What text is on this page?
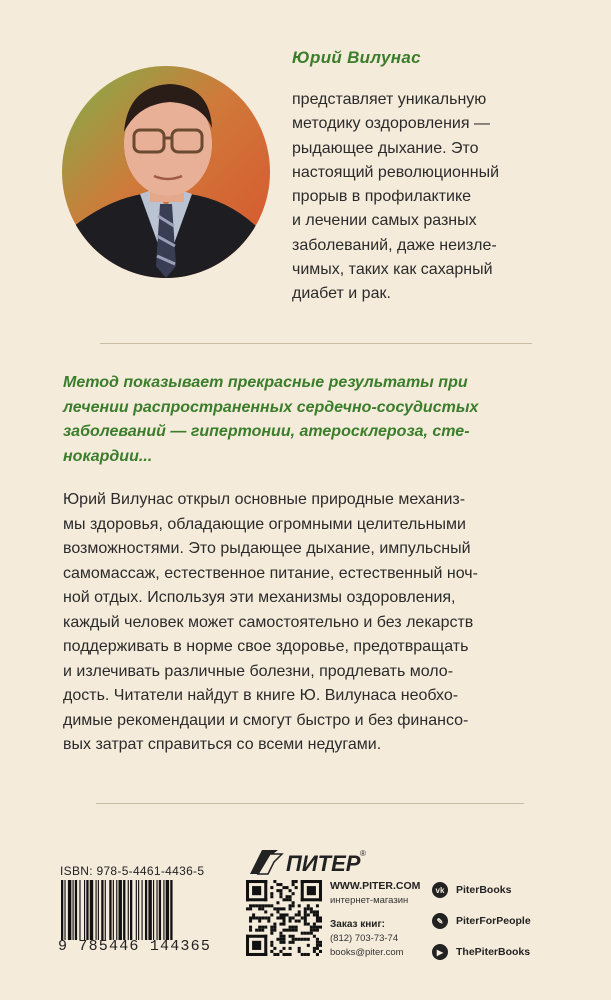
Юрий Вилунас

представляет уникальную
методику оздоровления —
рыдающее дыхание. Это
настоящий революционный
прорыв в профилактике
и лечении самых разных
заболеваний, даже неизле-
чимых, таких как сахарный
диабет и рак.

Метод показывает прекрасные результаты при
лечении распространенных сердечно-сосудистых
заболеваний — гипертонии, атеросклероза, сте-
нокардии...

Юрий Вилунас открыл основные природные механиз-
мы здоровья, обладающие огромными целительными
возможностями. Это рыдающее дыхание, импульсный
самомассаж, естественное питание, естественный ноч-
ной отдых. Используя эти механизмы оздоровления,
каждый человек может самостоятельно и без лекарств
поддерживать в норме свое здоровье, предотвращать
и излечивать различные болезни, продлевать моло-
дость. Читатели найдут в книге Ю. Вилунаса необхо-
димые рекомендации и смогут быстро и без финансо-
вых затрат справиться со всеми недугами.

ISBN: 978-5-4461-4436-5
9 785446 144365
ПИТЕР ®
WWW.PITER.COM
интернет-магазин
Заказ книг:
(812) 703-73-74
books@piter.com
vk	PiterBooks
✎	PiterForPeople
▶	ThePiterBooks
